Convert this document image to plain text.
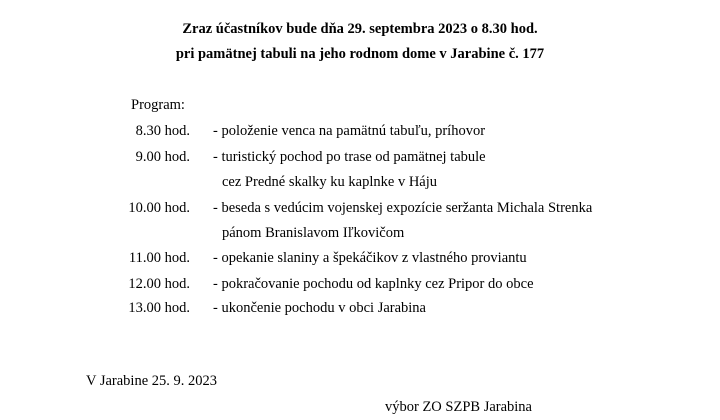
Zraz účastníkov bude dňa 29. septembra 2023 o 8.30 hod.
pri pamätnej tabuli na jeho rodnom dome v Jarabine č. 177
Program:
8.30 hod. - položenie venca na pamätnú tabuľu, príhovor
9.00 hod. - turistický pochod po trase od pamätnej tabule
cez Predné skalky ku kaplnke v Háju
10.00 hod. - beseda s vedúcim vojenskej expozície seržanta Michala Strenka
pánom Branislavom Iľkovičom
11.00 hod. - opekanie slaniny a špekáčikov z vlastného proviantu
12.00 hod. - pokračovanie pochodu od kaplnky cez Pripor do obce
13.00 hod. - ukončenie pochodu v obci Jarabina
V Jarabine 25. 9. 2023
výbor ZO SZPB Jarabina
